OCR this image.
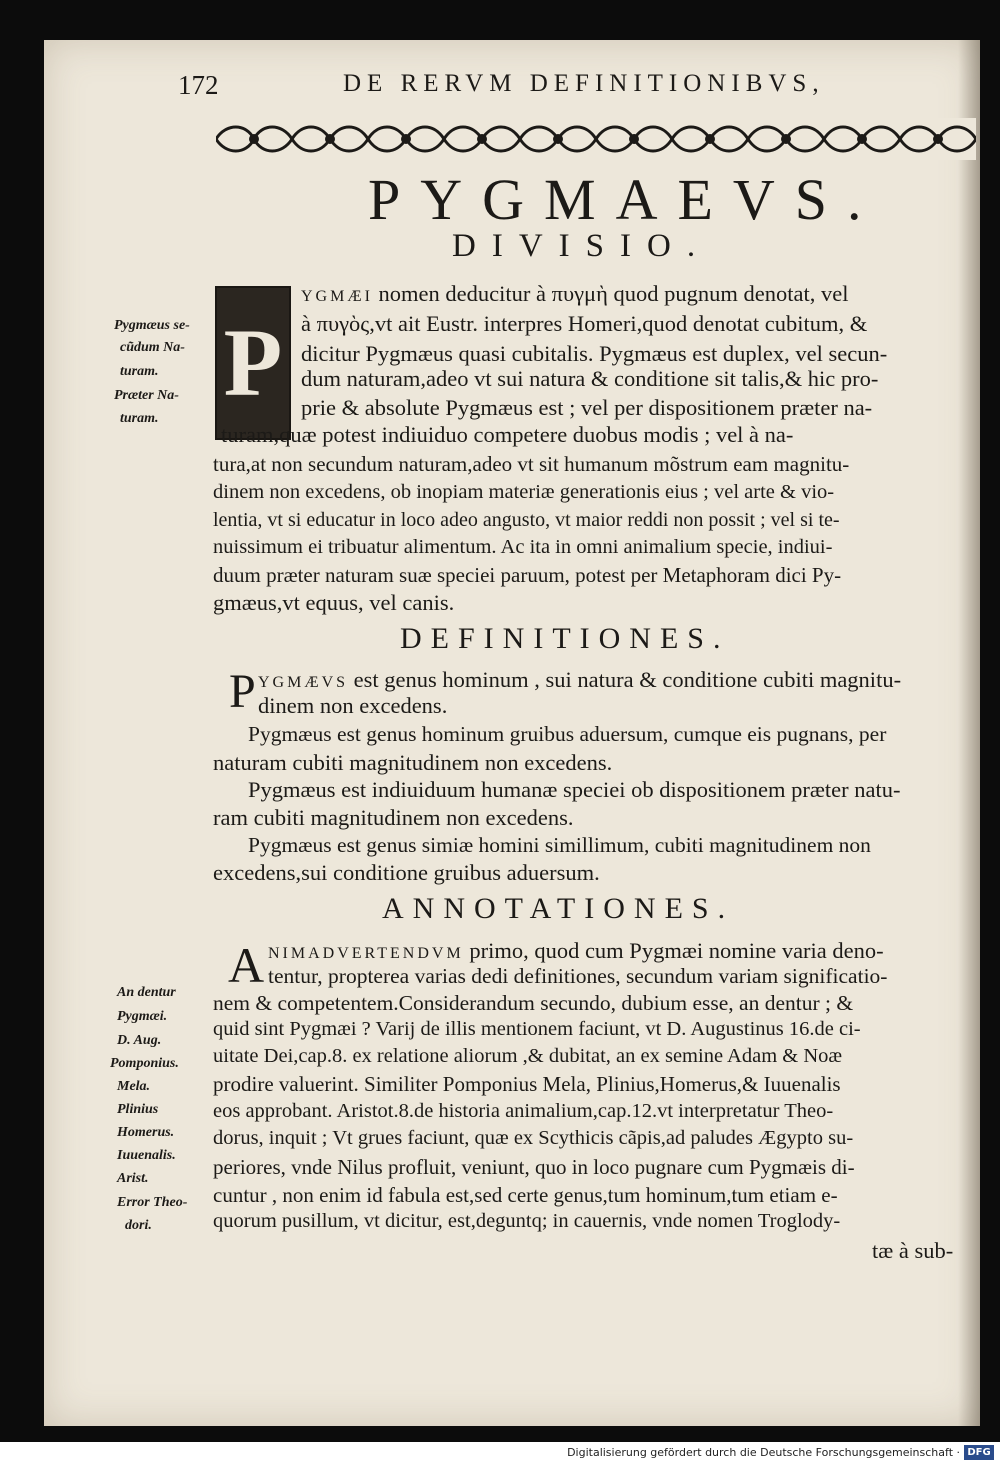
172	DE RERVM DEFINITIONIBVS,
PYGMAEVS.
DIVISIO.
P
YGMÆI nomen deducitur à πυγμὴ quod pugnum denotat, vel
à πυγὸς,vt ait Eustr. interpres Homeri,quod denotat cubitum, &
dicitur Pygmæus quasi cubitalis. Pygmæus est duplex, vel secun-
dum naturam,adeo vt sui natura & conditione sit talis,& hic pro-
prie & absolute Pygmæus est ; vel per dispositionem præter na-
turam,quæ potest indiuiduo competere duobus modis ; vel à na-
tura,at non secundum naturam,adeo vt sit humanum mõstrum eam magnitu-
dinem non excedens, ob inopiam materiæ generationis eius ; vel arte & vio-
lentia, vt si educatur in loco adeo angusto, vt maior reddi non possit ; vel si te-
nuissimum ei tribuatur alimentum. Ac ita in omni animalium specie, indiui-
duum præter naturam suæ speciei paruum, potest per Metaphoram dici Py-
gmæus,vt equus, vel canis.
Pygmæus se-
cũdum Na-
turam.
Præter Na-
turam.
DEFINITIONES.
P YGMÆVS est genus hominum , sui natura & conditione cubiti magnitu-
dinem non excedens.
Pygmæus est genus hominum gruibus aduersum, cumque eis pugnans, per
naturam cubiti magnitudinem non excedens.
Pygmæus est indiuiduum humanæ speciei ob dispositionem præter natu-
ram cubiti magnitudinem non excedens.
Pygmæus est genus simiæ homini simillimum, cubiti magnitudinem non
excedens,sui conditione gruibus aduersum.
ANNOTATIONES.
A NIMADVERTENDVM primo, quod cum Pygmæi nomine varia deno-
tentur, propterea varias dedi definitiones, secundum variam significatio-
nem & competentem.Considerandum secundo, dubium esse, an dentur ; &
quid sint Pygmæi ? Varij de illis mentionem faciunt, vt D. Augustinus 16.de ci-
uitate Dei,cap.8. ex relatione aliorum ,& dubitat, an ex semine Adam & Noæ
prodire valuerint. Similiter Pomponius Mela, Plinius,Homerus,& Iuuenalis
eos approbant. Aristot.8.de historia animalium,cap.12.vt interpretatur Theo-
dorus, inquit ; Vt grues faciunt, quæ ex Scythicis cãpis,ad paludes Ægypto su-
periores, vnde Nilus profluit, veniunt, quo in loco pugnare cum Pygmæis di-
cuntur , non enim id fabula est,sed certe genus,tum hominum,tum etiam e-
quorum pusillum, vt dicitur, est,deguntq; in cauernis, vnde nomen Troglody-
tæ à sub-
An dentur
Pygmæi.
D. Aug.
Pomponius.
Mela.
Plinius
Homerus.
Iuuenalis.
Arist.
Error Theo-
dori.
Digitalisierung gefördert durch die Deutsche Forschungsgemeinschaft · DFG
